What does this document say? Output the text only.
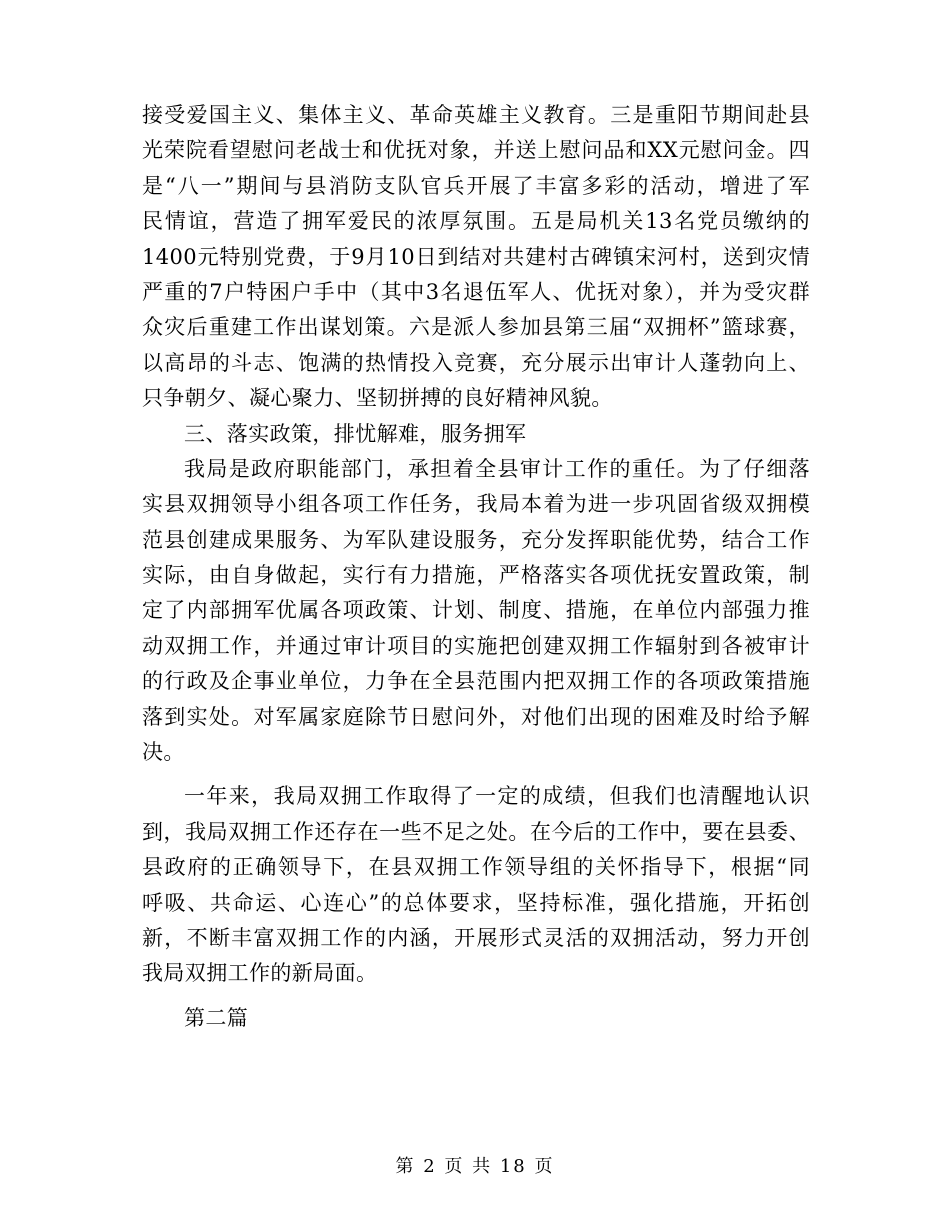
接受爱国主义、集体主义、革命英雄主义教育。三是重阳节期间赴县
光荣院看望慰问老战士和优抚对象，并送上慰问品和XX元慰问金。四
是“八一”期间与县消防支队官兵开展了丰富多彩的活动，增进了军
民情谊，营造了拥军爱民的浓厚氛围。五是局机关13名党员缴纳的
1400元特别党费，于9月10日到结对共建村古碑镇宋河村，送到灾情
严重的7户特困户手中（其中3名退伍军人、优抚对象），并为受灾群
众灾后重建工作出谋划策。六是派人参加县第三届“双拥杯”篮球赛，
以高昂的斗志、饱满的热情投入竞赛，充分展示出审计人蓬勃向上、
只争朝夕、凝心聚力、坚韧拼搏的良好精神风貌。
三、落实政策，排忧解难，服务拥军
我局是政府职能部门，承担着全县审计工作的重任。为了仔细落
实县双拥领导小组各项工作任务，我局本着为进一步巩固省级双拥模
范县创建成果服务、为军队建设服务，充分发挥职能优势，结合工作
实际，由自身做起，实行有力措施，严格落实各项优抚安置政策，制
定了内部拥军优属各项政策、计划、制度、措施，在单位内部强力推
动双拥工作，并通过审计项目的实施把创建双拥工作辐射到各被审计
的行政及企事业单位，力争在全县范围内把双拥工作的各项政策措施
落到实处。对军属家庭除节日慰问外，对他们出现的困难及时给予解
决。
一年来，我局双拥工作取得了一定的成绩，但我们也清醒地认识
到，我局双拥工作还存在一些不足之处。在今后的工作中，要在县委、
县政府的正确领导下，在县双拥工作领导组的关怀指导下，根据“同
呼吸、共命运、心连心”的总体要求，坚持标准，强化措施，开拓创
新，不断丰富双拥工作的内涵，开展形式灵活的双拥活动，努力开创
我局双拥工作的新局面。
第二篇
第 2 页 共 18 页
